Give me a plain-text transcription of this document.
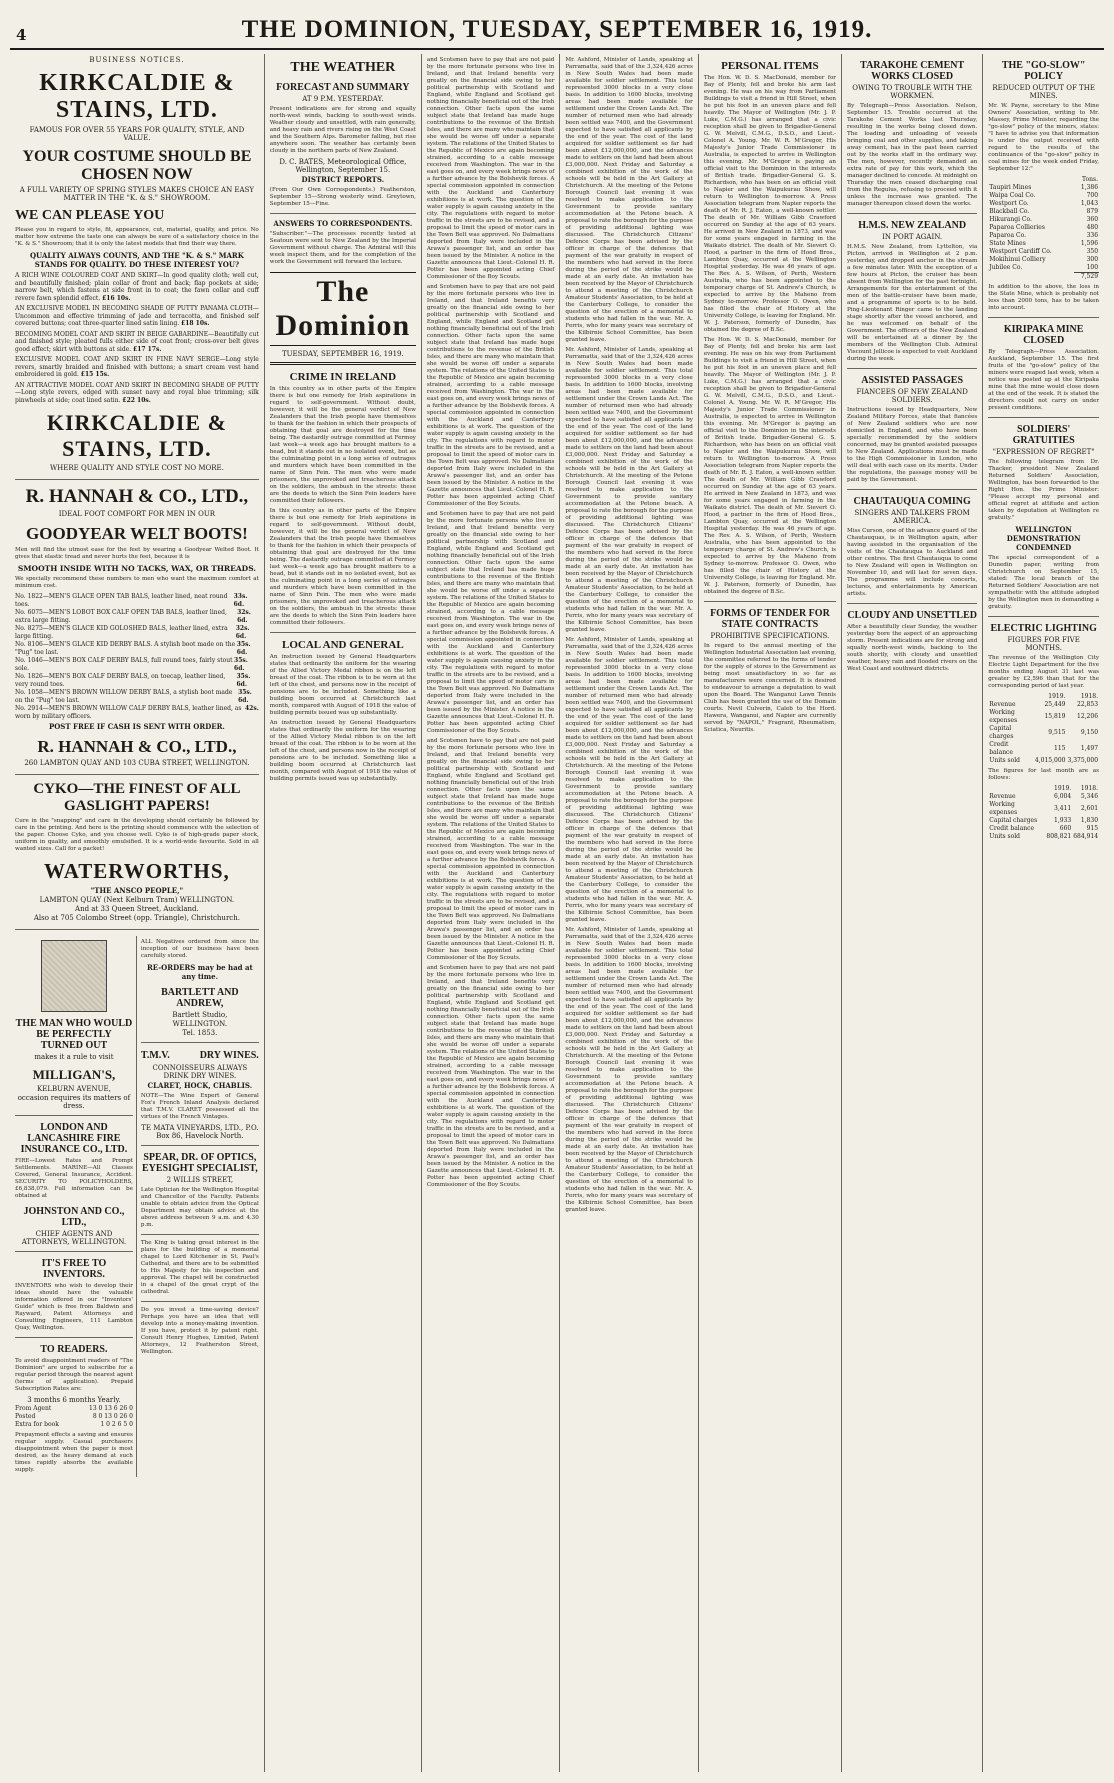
4	THE DOMINION, TUESDAY, SEPTEMBER 16, 1919.
BUSINESS NOTICES.
KIRKCALDIE & STAINS, LTD.
FAMOUS FOR OVER 55 YEARS FOR QUALITY, STYLE, AND VALUE.
YOUR COSTUME SHOULD BE CHOSEN NOW
A FULL VARIETY OF SPRING STYLES MAKES CHOICE AN EASY MATTER IN THE "K. & S." SHOWROOM.
WE CAN PLEASE YOU
Please you in regard to style, fit, appearance, cut, material, quality, and price. No matter how extreme the taste one can always be sure of a satisfactory choice in the "K. & S." Showroom; that it is only the latest models that find their way there.
QUALITY ALWAYS COUNTS, AND THE "K. & S." MARK STANDS FOR QUALITY. DO THESE INTEREST YOU?
A RICH WINE COLOURED COAT AND SKIRT—In good quality cloth; well cut, and beautifully finished; plain collar of front and back; flap pockets at side; narrow belt, which fastens at side front in to coat; the fawn collar and cuff revere fawn splendid effect. £16 10s.
AN EXCLUSIVE MODEL IN BECOMING SHADE OF PUTTY PANAMA CLOTH—Uncommon and effective trimming of jade and terracotta, and finished self covered buttons; coat three-quarter lined satin lining. £18 10s.
BECOMING MODEL COAT AND SKIRT IN BEIGE GABARDINE—Beautifully cut and finished style; pleated fulls either side of coat front; cross-over belt gives good effect; skirt with buttons at side. £17 17s.
EXCLUSIVE MODEL COAT AND SKIRT IN FINE NAVY SERGE—Long style revers, smartly braided and finished with buttons; a smart cream vest hand embroidered in gold. £15 15s.
AN ATTRACTIVE MODEL COAT AND SKIRT IN BECOMING SHADE OF PUTTY—Long style revers, edged with sunset navy and royal blue trimming; silk pinwheels at side; coat lined satin. £22 10s.
KIRKCALDIE & STAINS, LTD.
WHERE QUALITY AND STYLE COST NO MORE.
R. HANNAH & CO., LTD.,
IDEAL FOOT COMFORT FOR MEN IN OUR
GOODYEAR WELT BOOTS!
Men will find the utmost ease for the feet by wearing a Goodyear Welted Boot. It gives that elastic tread and never hurts the feet, because it is
SMOOTH INSIDE WITH NO TACKS, WAX, OR THREADS.
We specially recommend these numbers to men who want the maximum comfort at minimum cost.
No. 1822—MEN'S GLACE OPEN TAB BALS, leather lined, neat round toes.
33s. 6d.
No. 6075—MEN'S LOBOT BOX CALF OPEN TAB BALS, leather lined, extra large fitting.
32s. 6d.
No. 8275—MEN'S GLACE KID GOLOSHED BALS, leather lined, extra large fitting.
32s. 6d.
No. 8106—MEN'S GLACE KID DERBY BALS. A stylish boot made on the "Pug" toe last.
35s. 6d.
No. 1046—MEN'S BOX CALF DERBY BALS, full round toes, fairly stout sole.
35s. 6d.
No. 1826—MEN'S BOX CALF DERBY BALS, on toecap, leather lined, very round toes.
35s. 6d.
No. 1058—MEN'S BROWN WILLOW DERBY BALS, a stylish boot made on the "Pug" toe last.
35s. 6d.
No. 2914—MEN'S BROWN WILLOW CALF DERBY BALS, leather lined, as worn by military officers.
42s.
POST FREE IF CASH IS SENT WITH ORDER.
R. HANNAH & CO., LTD.,
260 LAMBTON QUAY AND 103 CUBA STREET, WELLINGTON.
CYKO—THE FINEST OF ALL GASLIGHT PAPERS!
Cure in the "snapping" and care in the developing should certainly be followed by care in the printing. And here is the printing should commence with the selection of the paper. Choose Cyko, and you choose well. Cyko is of high-grade paper stock, uniform in quality, and smoothly emulsified. It is a world-wide favourite. Sold in all wanted sizes. Call for a packet!
WATERWORTHS,
"THE ANSCO PEOPLE,"
LAMBTON QUAY (Next Kelburn Tram) WELLINGTON.
And at 33 Queen Street, Auckland.
Also at 705 Colombo Street (opp. Triangle), Christchurch.
THE MAN WHO WOULD BE PERFECTLY TURNED OUT
makes it a rule to visit
MILLIGAN'S,
KELBURN AVENUE,
occasion requires its matters of dress.
LONDON AND LANCASHIRE FIRE INSURANCE CO., LTD.
FIRE—Lowest Rates and Prompt Settlements. MARINE—All Classes Covered, General Insurance, Accident. SECURITY TO POLICYHOLDERS, £6,838,079. Full information can be obtained at
JOHNSTON AND CO., LTD.,
CHIEF AGENTS AND ATTORNEYS, WELLINGTON.
IT'S FREE TO INVENTORS.
INVENTORS who wish to develop their ideas should have the valuable information offered in our "Inventors' Guide" which is free from Baldwin and Rayward, Patent Attorneys and Consulting Engineers, 111 Lambton Quay, Wellington.
TO READERS.
To avoid disappointment readers of "The Dominion" are urged to subscribe for a regular period through the nearest agent (terms of application). Prepaid Subscription Rates are:
3 months 6 months Yearly.
From Agent	13 0 13 6 26 0
Posted	8 0 13 0 26 0
Extra for book	1 0 2 6 5 0
Prepayment effects a saving and ensures regular supply. Casual purchasers disappointment when the paper is most desired, as the heavy demand at such times rapidly absorbs the available supply.
ALL Negatives ordered from since the inception of our business have been carefully stored.
RE-ORDERS may be had at any time.
BARTLETT AND ANDREW,
Bartlett Studio,
WELLINGTON.
Tel. 1853.
T.M.V.	DRY WINES.
CONNOISSEURS ALWAYS DRINK DRY WINES.
CLARET, HOCK, CHABLIS.
NOTE—The Wine Expert of General Fox's French Inland Analysis declared that T.M.V. CLARET possessed all the virtues of the French Vintages.
TE MATA VINEYARDS, LTD., P.O. Box 86, Havelock North.
SPEAR, DR. OF OPTICS, EYESIGHT SPECIALIST,
2 WILLIS STREET,
Late Optician for the Wellington Hospital and Chancellor of the Faculty. Patients unable to obtain advice from the Optical Department may obtain advice at the above address between 9 a.m. and 4.30 p.m.
The King is taking great interest in the plans for the building of a memorial chapel to Lord Kitchener in St. Paul's Cathedral, and there are to be submitted to His Majesty for his inspection and approval. The chapel will be constructed in a chapel of the great crypt of the cathedral.
Do you invest a time-saving device? Perhaps you have an idea that will develop into a money-making invention. If you have, protect it by patent right. Consult Henry Hughes, Limited, Patent Attorneys, 12 Featherston Street, Wellington.
THE WEATHER
FORECAST AND SUMMARY
AT 9 P.M. YESTERDAY.
Present indications are for strong and squally north-west winds, backing to south-west winds. Weather cloudy and unsettled, with rain generally, and heavy rain and rivers rising on the West Coast and the Southern Alps. Barometer falling, but rise anywhere soon. The weather has certainly been cloudy in the northern parts of New Zealand.
D. C. BATES, Meteorological Office, Wellington, September 15.
DISTRICT REPORTS.
(From Our Own Correspondents.) Featherston, September 15—Strong westerly wind. Greytown, September 15—Fine.
ANSWERS TO CORRESPONDENTS.
"Subscriber."—The processes recently tested at Seatoun were sent to New Zealand by the Imperial Government without charge. The Admiral will this week inspect them, and for the completion of the work the Government will forward the lecture.
The Dominion
TUESDAY, SEPTEMBER 16, 1919.
CRIME IN IRELAND
In this country as in other parts of the Empire there is but one remedy for Irish aspirations in regard to self-government. Without doubt, however, it will be the general verdict of New Zealanders that the Irish people have themselves to thank for the fashion in which their prospects of obtaining that goal are destroyed for the time being. The dastardly outrage committed at Fermoy last week—a week ago has brought matters to a head, but it stands out in no isolated event, but as the culminating point in a long series of outrages and murders which have been committed in the name of Sinn Fein. The men who were made prisoners, the unprovoked and treacherous attack on the soldiers, the ambush in the streets: these are the deeds to which the Sinn Fein leaders have committed their followers.
In this country as in other parts of the Empire there is but one remedy for Irish aspirations in regard to self-government. Without doubt, however, it will be the general verdict of New Zealanders that the Irish people have themselves to thank for the fashion in which their prospects of obtaining that goal are destroyed for the time being. The dastardly outrage committed at Fermoy last week—a week ago has brought matters to a head, but it stands out in no isolated event, but as the culminating point in a long series of outrages and murders which have been committed in the name of Sinn Fein. The men who were made prisoners, the unprovoked and treacherous attack on the soldiers, the ambush in the streets: these are the deeds to which the Sinn Fein leaders have committed their followers.
LOCAL AND GENERAL
An instruction issued by General Headquarters states that ordinarily the uniform for the wearing of the Allied Victory Medal ribbon is on the left breast of the coat. The ribbon is to be worn at the left of the chest, and persons now in the receipt of pensions are to be included. Something like a building boom occurred at Christchurch last month, compared with August of 1918 the value of building permits issued was up substantially.
An instruction issued by General Headquarters states that ordinarily the uniform for the wearing of the Allied Victory Medal ribbon is on the left breast of the coat. The ribbon is to be worn at the left of the chest, and persons now in the receipt of pensions are to be included. Something like a building boom occurred at Christchurch last month, compared with August of 1918 the value of building permits issued was up substantially.
and Scotsmen have to pay that are not paid by the more fortunate persons who live in Ireland, and that Ireland benefits very greatly on the financial side owing to her political partnership with Scotland and England, while England and Scotland get nothing financially beneficial out of the Irish connection. Other facts upon the same subject state that Ireland has made huge contributions to the revenue of the British Isles, and there are many who maintain that she would be worse off under a separate system. The relations of the United States to the Republic of Mexico are again becoming strained, according to a cable message received from Washington. The war in the east goes on, and every week brings news of a further advance by the Bolshevik forces. A special commission appointed in connection with the Auckland and Canterbury exhibitions is at work. The question of the water supply is again causing anxiety in the city. The regulations with regard to motor traffic in the streets are to be revised, and a proposal to limit the speed of motor cars in the Town Belt was approved. No Dalmatians deported from Italy were included in the Arawa's passenger list, and an order has been issued by the Minister. A notice in the Gazette announces that Lieut.-Colonel H. R. Potter has been appointed acting Chief Commissioner of the Boy Scouts.
and Scotsmen have to pay that are not paid by the more fortunate persons who live in Ireland, and that Ireland benefits very greatly on the financial side owing to her political partnership with Scotland and England, while England and Scotland get nothing financially beneficial out of the Irish connection. Other facts upon the same subject state that Ireland has made huge contributions to the revenue of the British Isles, and there are many who maintain that she would be worse off under a separate system. The relations of the United States to the Republic of Mexico are again becoming strained, according to a cable message received from Washington. The war in the east goes on, and every week brings news of a further advance by the Bolshevik forces. A special commission appointed in connection with the Auckland and Canterbury exhibitions is at work. The question of the water supply is again causing anxiety in the city. The regulations with regard to motor traffic in the streets are to be revised, and a proposal to limit the speed of motor cars in the Town Belt was approved. No Dalmatians deported from Italy were included in the Arawa's passenger list, and an order has been issued by the Minister. A notice in the Gazette announces that Lieut.-Colonel H. R. Potter has been appointed acting Chief Commissioner of the Boy Scouts.
and Scotsmen have to pay that are not paid by the more fortunate persons who live in Ireland, and that Ireland benefits very greatly on the financial side owing to her political partnership with Scotland and England, while England and Scotland get nothing financially beneficial out of the Irish connection. Other facts upon the same subject state that Ireland has made huge contributions to the revenue of the British Isles, and there are many who maintain that she would be worse off under a separate system. The relations of the United States to the Republic of Mexico are again becoming strained, according to a cable message received from Washington. The war in the east goes on, and every week brings news of a further advance by the Bolshevik forces. A special commission appointed in connection with the Auckland and Canterbury exhibitions is at work. The question of the water supply is again causing anxiety in the city. The regulations with regard to motor traffic in the streets are to be revised, and a proposal to limit the speed of motor cars in the Town Belt was approved. No Dalmatians deported from Italy were included in the Arawa's passenger list, and an order has been issued by the Minister. A notice in the Gazette announces that Lieut.-Colonel H. R. Potter has been appointed acting Chief Commissioner of the Boy Scouts.
and Scotsmen have to pay that are not paid by the more fortunate persons who live in Ireland, and that Ireland benefits very greatly on the financial side owing to her political partnership with Scotland and England, while England and Scotland get nothing financially beneficial out of the Irish connection. Other facts upon the same subject state that Ireland has made huge contributions to the revenue of the British Isles, and there are many who maintain that she would be worse off under a separate system. The relations of the United States to the Republic of Mexico are again becoming strained, according to a cable message received from Washington. The war in the east goes on, and every week brings news of a further advance by the Bolshevik forces. A special commission appointed in connection with the Auckland and Canterbury exhibitions is at work. The question of the water supply is again causing anxiety in the city. The regulations with regard to motor traffic in the streets are to be revised, and a proposal to limit the speed of motor cars in the Town Belt was approved. No Dalmatians deported from Italy were included in the Arawa's passenger list, and an order has been issued by the Minister. A notice in the Gazette announces that Lieut.-Colonel H. R. Potter has been appointed acting Chief Commissioner of the Boy Scouts.
and Scotsmen have to pay that are not paid by the more fortunate persons who live in Ireland, and that Ireland benefits very greatly on the financial side owing to her political partnership with Scotland and England, while England and Scotland get nothing financially beneficial out of the Irish connection. Other facts upon the same subject state that Ireland has made huge contributions to the revenue of the British Isles, and there are many who maintain that she would be worse off under a separate system. The relations of the United States to the Republic of Mexico are again becoming strained, according to a cable message received from Washington. The war in the east goes on, and every week brings news of a further advance by the Bolshevik forces. A special commission appointed in connection with the Auckland and Canterbury exhibitions is at work. The question of the water supply is again causing anxiety in the city. The regulations with regard to motor traffic in the streets are to be revised, and a proposal to limit the speed of motor cars in the Town Belt was approved. No Dalmatians deported from Italy were included in the Arawa's passenger list, and an order has been issued by the Minister. A notice in the Gazette announces that Lieut.-Colonel H. R. Potter has been appointed acting Chief Commissioner of the Boy Scouts.
Mr. Ashford, Minister of Lands, speaking at Parramatta, said that of the 3,324,426 acres in New South Wales had been made available for soldier settlement. This total represented 3000 blocks in a very close basis. In addition to 1600 blocks, involving areas had been made available for settlement under the Crown Lands Act. The number of returned men who had already been settled was 7400, and the Government expected to have satisfied all applicants by the end of the year. The cost of the land acquired for soldier settlement so far had been about £12,000,000, and the advances made to settlers on the land had been about £3,000,000. Next Friday and Saturday a combined exhibition of the work of the schools will be held in the Art Gallery at Christchurch. At the meeting of the Petone Borough Council last evening it was resolved to make application to the Government to provide sanitary accommodation at the Petone beach. A proposal to rate the borough for the purpose of providing additional lighting was discussed. The Christchurch Citizens' Defence Corps has been advised by the officer in charge of the defences that payment of the war gratuity in respect of the members who had served in the force during the period of the strike would be made at an early date. An invitation has been received by the Mayor of Christchurch to attend a meeting of the Christchurch Amateur Students' Association, to be held at the Canterbury College, to consider the question of the erection of a memorial to students who had fallen in the war. Mr. A. Ferris, who for many years was secretary of the Kilbirnie School Committee, has been granted leave.
Mr. Ashford, Minister of Lands, speaking at Parramatta, said that of the 3,324,426 acres in New South Wales had been made available for soldier settlement. This total represented 3000 blocks in a very close basis. In addition to 1600 blocks, involving areas had been made available for settlement under the Crown Lands Act. The number of returned men who had already been settled was 7400, and the Government expected to have satisfied all applicants by the end of the year. The cost of the land acquired for soldier settlement so far had been about £12,000,000, and the advances made to settlers on the land had been about £3,000,000. Next Friday and Saturday a combined exhibition of the work of the schools will be held in the Art Gallery at Christchurch. At the meeting of the Petone Borough Council last evening it was resolved to make application to the Government to provide sanitary accommodation at the Petone beach. A proposal to rate the borough for the purpose of providing additional lighting was discussed. The Christchurch Citizens' Defence Corps has been advised by the officer in charge of the defences that payment of the war gratuity in respect of the members who had served in the force during the period of the strike would be made at an early date. An invitation has been received by the Mayor of Christchurch to attend a meeting of the Christchurch Amateur Students' Association, to be held at the Canterbury College, to consider the question of the erection of a memorial to students who had fallen in the war. Mr. A. Ferris, who for many years was secretary of the Kilbirnie School Committee, has been granted leave.
Mr. Ashford, Minister of Lands, speaking at Parramatta, said that of the 3,324,426 acres in New South Wales had been made available for soldier settlement. This total represented 3000 blocks in a very close basis. In addition to 1600 blocks, involving areas had been made available for settlement under the Crown Lands Act. The number of returned men who had already been settled was 7400, and the Government expected to have satisfied all applicants by the end of the year. The cost of the land acquired for soldier settlement so far had been about £12,000,000, and the advances made to settlers on the land had been about £3,000,000. Next Friday and Saturday a combined exhibition of the work of the schools will be held in the Art Gallery at Christchurch. At the meeting of the Petone Borough Council last evening it was resolved to make application to the Government to provide sanitary accommodation at the Petone beach. A proposal to rate the borough for the purpose of providing additional lighting was discussed. The Christchurch Citizens' Defence Corps has been advised by the officer in charge of the defences that payment of the war gratuity in respect of the members who had served in the force during the period of the strike would be made at an early date. An invitation has been received by the Mayor of Christchurch to attend a meeting of the Christchurch Amateur Students' Association, to be held at the Canterbury College, to consider the question of the erection of a memorial to students who had fallen in the war. Mr. A. Ferris, who for many years was secretary of the Kilbirnie School Committee, has been granted leave.
Mr. Ashford, Minister of Lands, speaking at Parramatta, said that of the 3,324,426 acres in New South Wales had been made available for soldier settlement. This total represented 3000 blocks in a very close basis. In addition to 1600 blocks, involving areas had been made available for settlement under the Crown Lands Act. The number of returned men who had already been settled was 7400, and the Government expected to have satisfied all applicants by the end of the year. The cost of the land acquired for soldier settlement so far had been about £12,000,000, and the advances made to settlers on the land had been about £3,000,000. Next Friday and Saturday a combined exhibition of the work of the schools will be held in the Art Gallery at Christchurch. At the meeting of the Petone Borough Council last evening it was resolved to make application to the Government to provide sanitary accommodation at the Petone beach. A proposal to rate the borough for the purpose of providing additional lighting was discussed. The Christchurch Citizens' Defence Corps has been advised by the officer in charge of the defences that payment of the war gratuity in respect of the members who had served in the force during the period of the strike would be made at an early date. An invitation has been received by the Mayor of Christchurch to attend a meeting of the Christchurch Amateur Students' Association, to be held at the Canterbury College, to consider the question of the erection of a memorial to students who had fallen in the war. Mr. A. Ferris, who for many years was secretary of the Kilbirnie School Committee, has been granted leave.
PERSONAL ITEMS
The Hon. W. D. S. MacDonald, member for Bay of Plenty, fell and broke his arm last evening. He was on his way from Parliament Buildings to visit a friend in Hill Street, when he put his foot in an uneven place and fell heavily. The Mayor of Wellington (Mr. J. P. Luke, C.M.G.) has arranged that a civic reception shall be given to Brigadier-General G. W. Melvill, C.M.G., D.S.O., and Lieut.-Colonel A. Young. Mr. W. R. M'Gregor, His Majesty's Junior Trade Commissioner in Australia, is expected to arrive in Wellington this evening. Mr. M'Gregor is paying an official visit to the Dominion in the interests of British trade. Brigadier-General G. S. Richardson, who has been on an official visit to Napier and the Waipukurau Show, will return to Wellington to-morrow. A Press Association telegram from Napier reports the death of Mr. R. J. Eaton, a well-known settler. The death of Mr. William Gibb Crawford occurred on Sunday at the age of 63 years. He arrived in New Zealand in 1873, and was for some years engaged in farming in the Waikato district. The death of Mr. Sievert O. Hood, a partner in the firm of Hood Bros., Lambton Quay, occurred at the Wellington Hospital yesterday. He was 46 years of age. The Rev. A. S. Wilson, of Perth, Western Australia, who has been appointed to the temporary charge of St. Andrew's Church, is expected to arrive by the Maheno from Sydney to-morrow. Professor O. Owen, who has filled the chair of History at the University College, is leaving for England. Mr. W. J. Paterson, formerly of Dunedin, has obtained the degree of B.Sc.
The Hon. W. D. S. MacDonald, member for Bay of Plenty, fell and broke his arm last evening. He was on his way from Parliament Buildings to visit a friend in Hill Street, when he put his foot in an uneven place and fell heavily. The Mayor of Wellington (Mr. J. P. Luke, C.M.G.) has arranged that a civic reception shall be given to Brigadier-General G. W. Melvill, C.M.G., D.S.O., and Lieut.-Colonel A. Young. Mr. W. R. M'Gregor, His Majesty's Junior Trade Commissioner in Australia, is expected to arrive in Wellington this evening. Mr. M'Gregor is paying an official visit to the Dominion in the interests of British trade. Brigadier-General G. S. Richardson, who has been on an official visit to Napier and the Waipukurau Show, will return to Wellington to-morrow. A Press Association telegram from Napier reports the death of Mr. R. J. Eaton, a well-known settler. The death of Mr. William Gibb Crawford occurred on Sunday at the age of 63 years. He arrived in New Zealand in 1873, and was for some years engaged in farming in the Waikato district. The death of Mr. Sievert O. Hood, a partner in the firm of Hood Bros., Lambton Quay, occurred at the Wellington Hospital yesterday. He was 46 years of age. The Rev. A. S. Wilson, of Perth, Western Australia, who has been appointed to the temporary charge of St. Andrew's Church, is expected to arrive by the Maheno from Sydney to-morrow. Professor O. Owen, who has filled the chair of History at the University College, is leaving for England. Mr. W. J. Paterson, formerly of Dunedin, has obtained the degree of B.Sc.
FORMS OF TENDER FOR STATE CONTRACTS
PROHIBITIVE SPECIFICATIONS.
In regard to the annual meeting of the Wellington Industrial Association last evening, the committee referred to the forms of tender for the supply of stores to the Government as being most unsatisfactory in so far as manufacturers were concerned. It is desired to endeavour to arrange a deputation to wait upon the Board. The Wanganui Lawn Tennis Club has been granted the use of the Domain courts. Nevil Culverin, Caleb to the Hord. Hawera, Wanganui, and Napier are currently served by "NAPOL," Fragrant, Rheumatism, Sciatica, Neuritis.
TARAKOHE CEMENT WORKS CLOSED
OWING TO TROUBLE WITH THE WORKMEN.
By Telegraph—Press Association. Nelson, September 15. Trouble occurred at the Tarakohe Cement Works last Thursday, resulting in the works being closed down. The loading and unloading of vessels bringing coal and other supplies, and taking away cement, has in the past been carried out by the works staff in the ordinary way. The men, however, recently demanded an extra rate of pay for this work, which the manager declined to concede. At midnight on Thursday the men ceased discharging coal from the Regulus, refusing to proceed with it unless the increase was granted. The manager thereupon closed down the works.
H.M.S. NEW ZEALAND
IN PORT AGAIN.
H.M.S. New Zealand, from Lyttelton, via Picton, arrived in Wellington at 2 p.m. yesterday, and dropped anchor in the stream a few minutes later. With the exception of a few hours at Picton, the cruiser has been absent from Wellington for the past fortnight. Arrangements for the entertainment of the men of the battle-cruiser have been made, and a programme of sports is to be held. Ping-Lieutenant Ringer came to the landing stage shortly after the vessel anchored, and he was welcomed on behalf of the Government. The officers of the New Zealand will be entertained at a dinner by the members of the Wellington Club. Admiral Viscount Jellicoe is expected to visit Auckland during the week.
ASSISTED PASSAGES
FIANCEES OF NEW ZEALAND SOLDIERS.
Instructions issued by Headquarters, New Zealand Military Forces, state that fiancées of New Zealand soldiers who are now domiciled in England, and who have been specially recommended by the soldiers concerned, may be granted assisted passages to New Zealand. Applications must be made to the High Commissioner in London, who will deal with each case on its merits. Under the regulations, the passage money will be paid by the Government.
CHAUTAUQUA COMING
SINGERS AND TALKERS FROM AMERICA.
Miss Curson, one of the advance guard of the Chautauquas, is in Wellington again, after having assisted in the organisation of the visits of the Chautauqua to Auckland and other centres. The first Chautauqua to come to New Zealand will open in Wellington on November 10, and will last for seven days. The programme will include concerts, lectures, and entertainments by American artists.
CLOUDY AND UNSETTLED
After a beautifully clear Sunday, the weather yesterday bore the aspect of an approaching storm. Present indications are for strong and squally north-west winds, backing to the south shortly, with cloudy and unsettled weather, heavy rain and flooded rivers on the West Coast and southward districts.
THE "GO-SLOW" POLICY
REDUCED OUTPUT OF THE MINES.
Mr. W. Payne, secretary to the Mine Owners' Association, writing to Mr. Massey, Prime Minister, regarding the "go-slow" policy of the miners, states: "I have to advise you that information is under the output received with regard to the results of the continuance of the "go-slow" policy in coal mines for the week ended Friday, September 12:"
	Tons.
Taupiri Mines	1,386
Waipa Coal Co.	700
Westport Co.	1,043
Blackball Co.	879
Hikurangi Co.	360
Paparoa Collieries	480
Paparoa Co.	336
State Mines	1,596
Westport Cardiff Co.	350
Mokihinui Colliery	300
Jubilee Co.	100
	7,529
In addition to the above, the loss in the State Mine, which is probably not less than 2000 tons, has to be taken into account.
KIRIPAKA MINE CLOSED
By Telegraph—Press Association. Auckland, September 15. The first fruits of the "go-slow" policy of the miners were reaped last week, when a notice was posted up at the Kiripaka mine that the mine would close down at the end of the week. It is stated the directors could not carry on under present conditions.
SOLDIERS' GRATUITIES
"EXPRESSION OF REGRET"
The following telegram from Dr. Thacker, president New Zealand Returned Soldiers' Association, Wellington, has been forwarded to the Right Hon. the Prime Minister: "Please accept my personal and official regret at attitude and action taken by deputation at Wellington re gratuity."
WELLINGTON DEMONSTRATION CONDEMNED
The special correspondent of a Dunedin paper, writing from Christchurch on September 15, stated: The local branch of the Returned Soldiers' Association are not sympathetic with the attitude adopted by the Wellington men in demanding a gratuity.
ELECTRIC LIGHTING
FIGURES FOR FIVE MONTHS.
The revenue of the Wellington City Electric Light Department for the five months ending August 31 last was greater by £2,596 than that for the corresponding period of last year.
	1919.	1918.
Revenue	25,449	22,853
Working expenses	15,819	12,206
Capital charges	9,515	9,150
Credit balance	115	1,497
Units sold	4,015,000	3,375,000
The figures for last month are as follows:
	1919.	1918.
Revenue	6,004	5,346
Working expenses	3,411	2,601
Capital charges	1,933	1,830
Credit balance	660	915
Units sold	808,821	684,914
